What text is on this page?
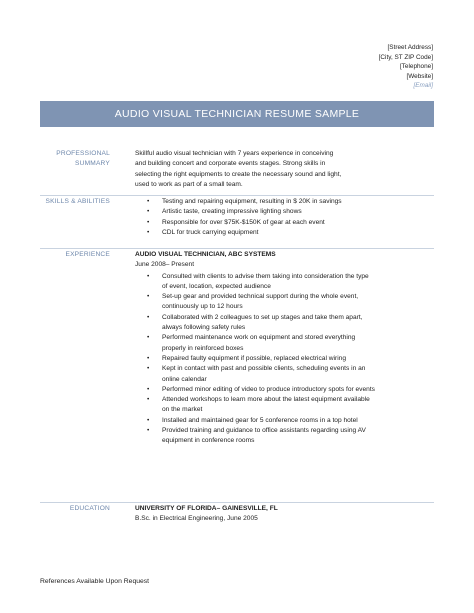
[Street Address]
[City, ST ZIP Code]
[Telephone]
[Website]
[Email]
AUDIO VISUAL TECHNICIAN RESUME SAMPLE
PROFESSIONAL
SUMMARY
Skillful audio visual technician with 7 years experience in conceiving
and building concert and corporate events stages. Strong skills in
selecting the right equipments to create the necessary sound and light,
used to work as part of a small team.
SKILLS & ABILITIES
•	Testing and repairing equipment, resulting in $ 20K in savings
• Artistic taste, creating impressive lighting shows
• Responsible for over $75K-$150K of gear at each event
• CDL for truck carrying equipment
EXPERIENCE	AUDIO VISUAL TECHNICIAN, ABC SYSTEMS
June 2008– Present
• Consulted with clients to advise them taking into consideration the type of event, location, expected audience
• Set-up gear and provided technical support during the whole event, continuously up to 12 hours
• Collaborated with 2 colleagues to set up stages and take them apart, always following safety rules
• Performed maintenance work on equipment and stored everything properly in reinforced boxes
• Repaired faulty equipment if possible, replaced electrical wiring
• Kept in contact with past and possible clients, scheduling events in an online calendar
• Performed minor editing of video to produce introductory spots for events
• Attended workshops to learn more about the latest equipment available on the market
• Installed and maintained gear for 5 conference rooms in a top hotel
• Provided training and guidance to office assistants regarding using AV equipment in conference rooms
EDUCATION	UNIVERSITY OF FLORIDA– GAINESVILLE, FL
B.Sc. in Electrical Engineering, June 2005
References Available Upon Request
